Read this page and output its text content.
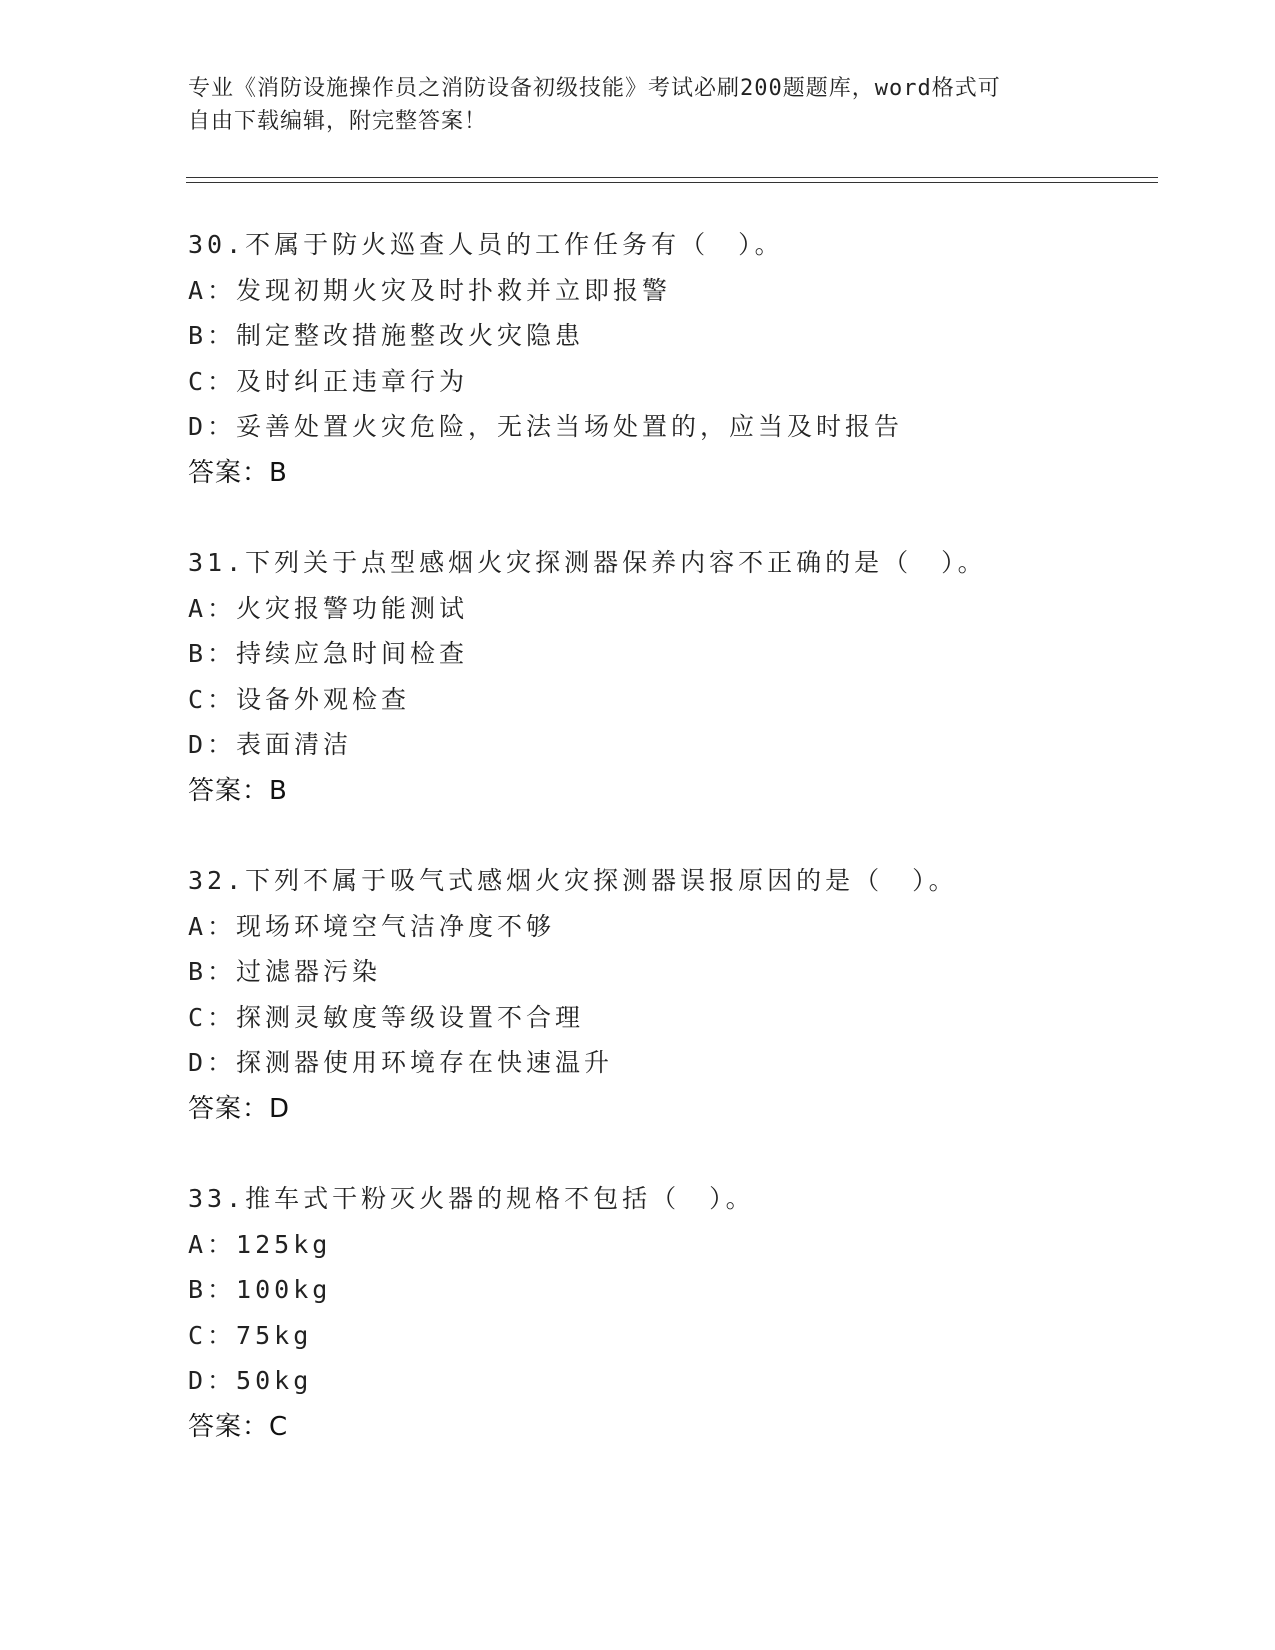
专业《消防设施操作员之消防设备初级技能》考试必刷200题题库，word格式可
自由下载编辑，附完整答案！
30.不属于防火巡查人员的工作任务有（　）。
A：发现初期火灾及时扑救并立即报警
B：制定整改措施整改火灾隐患
C：及时纠正违章行为
D：妥善处置火灾危险，无法当场处置的，应当及时报告
答案：B
31.下列关于点型感烟火灾探测器保养内容不正确的是（　）。
A：火灾报警功能测试
B：持续应急时间检查
C：设备外观检查
D：表面清洁
答案：B
32.下列不属于吸气式感烟火灾探测器误报原因的是（　）。
A：现场环境空气洁净度不够
B：过滤器污染
C：探测灵敏度等级设置不合理
D：探测器使用环境存在快速温升
答案：D
33.推车式干粉灭火器的规格不包括（　）。
A：125kg
B：100kg
C：75kg
D：50kg
答案：C
